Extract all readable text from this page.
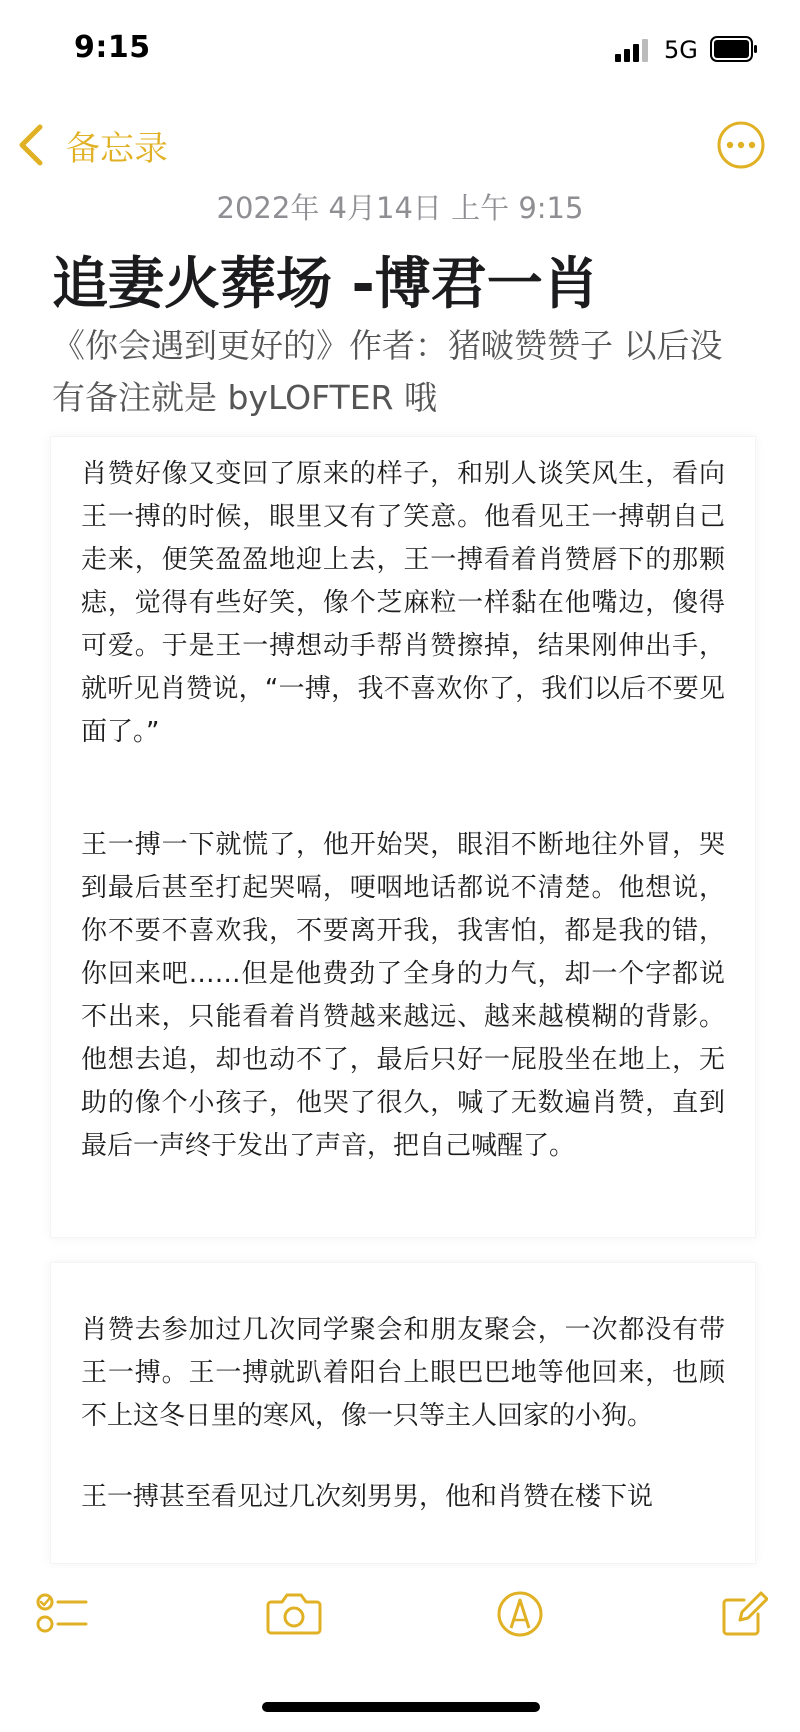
9:15	5G
备忘录
2022年 4月14日 上午 9:15
追妻火葬场 -博君一肖
《你会遇到更好的》作者：猪啵赞赞子 以后没有备注就是 byLOFTER 哦

肖赞好像又变回了原来的样子，和别人谈笑风生，看向王一搏的时候，眼里又有了笑意。他看见王一搏朝自己走来，便笑盈盈地迎上去，王一搏看着肖赞唇下的那颗痣，觉得有些好笑，像个芝麻粒一样黏在他嘴边，傻得可爱。于是王一搏想动手帮肖赞擦掉，结果刚伸出手，就听见肖赞说，“一搏，我不喜欢你了，我们以后不要见面了。”

王一搏一下就慌了，他开始哭，眼泪不断地往外冒，哭到最后甚至打起哭嗝，哽咽地话都说不清楚。他想说，你不要不喜欢我，不要离开我，我害怕，都是我的错，你回来吧……但是他费劲了全身的力气，却一个字都说不出来，只能看着肖赞越来越远、越来越模糊的背影。他想去追，却也动不了，最后只好一屁股坐在地上，无助的像个小孩子，他哭了很久，喊了无数遍肖赞，直到最后一声终于发出了声音，把自己喊醒了。

肖赞去参加过几次同学聚会和朋友聚会，一次都没有带王一搏。王一搏就趴着阳台上眼巴巴地等他回来，也顾不上这冬日里的寒风，像一只等主人回家的小狗。

王一搏甚至看见过几次刻男男，他和肖赞在楼下说
